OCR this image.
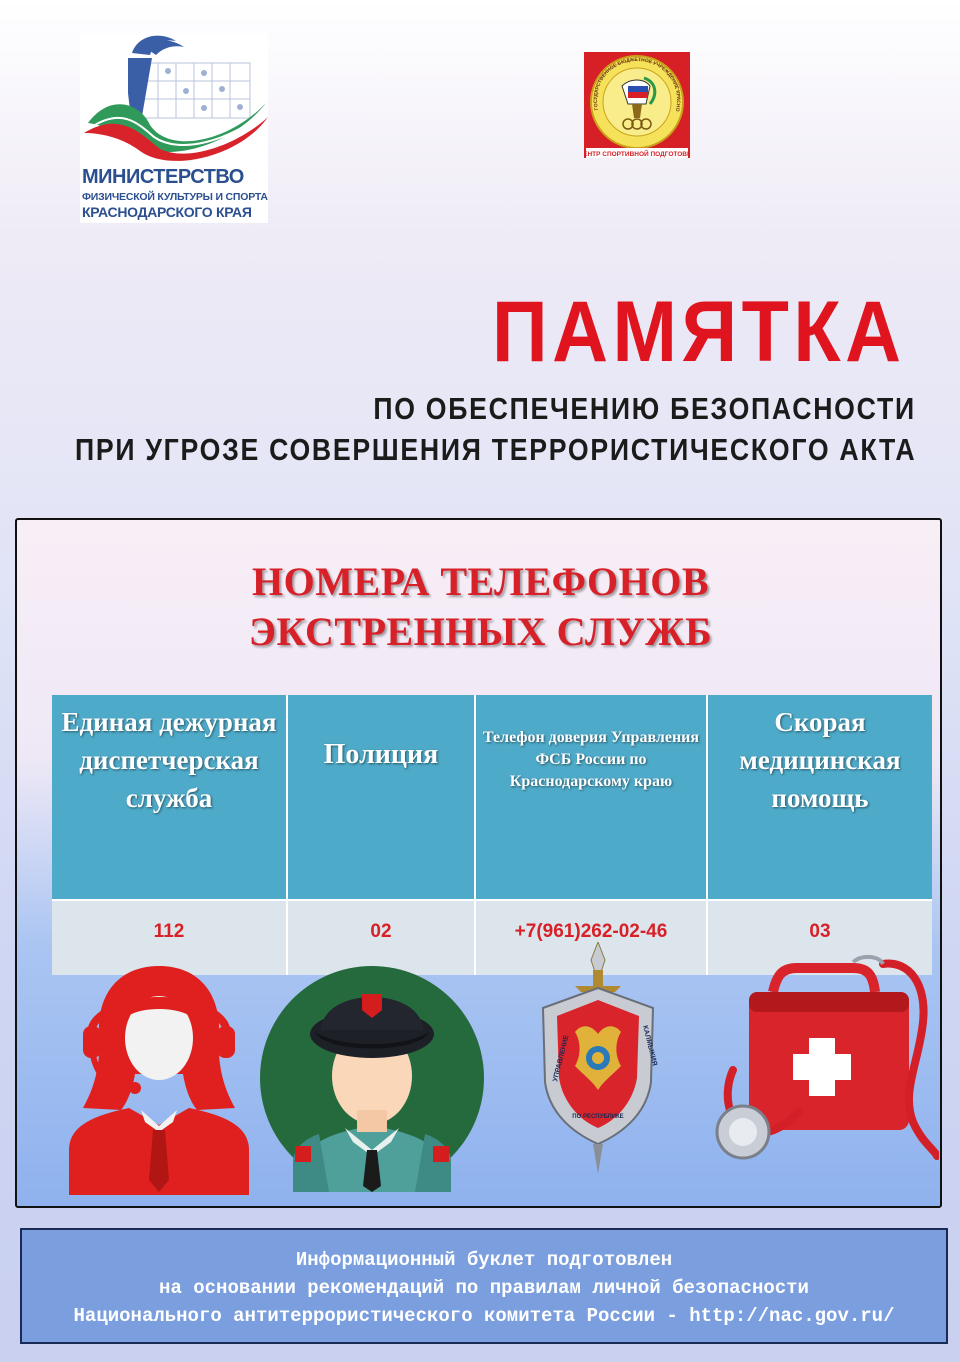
МИНИСТЕРСТВО
ФИЗИЧЕСКОЙ КУЛЬТУРЫ И СПОРТА
КРАСНОДАРСКОГО КРАЯ
ГОСУДАРСТВЕННОЕ БЮДЖЕТНОЕ УЧРЕЖДЕНИЕ КРАСНО
ЦЕНТР СПОРТИВНОЙ ПОДГОТОВКИ
ПАМЯТКА
ПО ОБЕСПЕЧЕНИЮ БЕЗОПАСНОСТИ
ПРИ УГРОЗЕ СОВЕРШЕНИЯ ТЕРРОРИСТИЧЕСКОГО АКТА
НОМЕРА ТЕЛЕФОНОВ
ЭКСТРЕННЫХ СЛУЖБ
Единая дежурная диспетчерская служба	Полиция	Телефон доверия Управления ФСБ России по Краснодарскому краю	Скорая медицинская помощь
112	02	+7(961)262-02-46	03
УПРАВЛЕНИЕ	КАЛМЫКИЯ
ПО РЕСПУБЛИКЕ
Информационный буклет подготовлен
на основании рекомендаций по правилам личной безопасности
Национального антитеррористического комитета России - http://nac.gov.ru/
